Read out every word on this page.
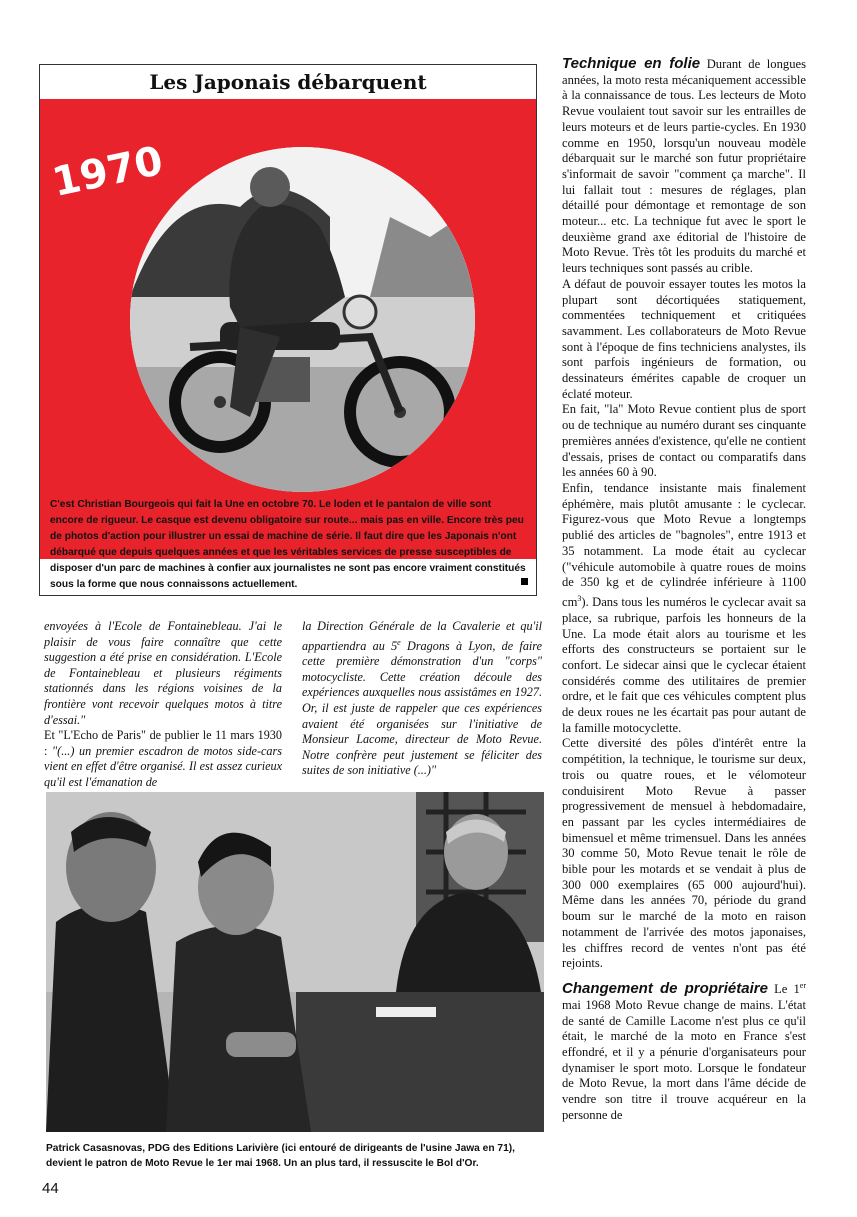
Les Japonais débarquent
1970
C'est Christian Bourgeois qui fait la Une en octobre 70. Le loden et le pantalon de ville sont encore de rigueur. Le casque est devenu obligatoire sur route... mais pas en ville. Encore très peu de photos d'action pour illustrer un essai de machine de série. Il faut dire que les Japonais n'ont débarqué que depuis quelques années et que les véritables services de presse susceptibles de disposer d'un parc de machines à confier aux journalistes ne sont pas encore vraiment constitués sous la forme que nous connaissons actuellement.
envoyées à l'Ecole de Fontainebleau. J'ai le plaisir de vous faire connaître que cette suggestion a été prise en considération. L'Ecole de Fontainebleau et plusieurs régiments stationnés dans les régions voisines de la frontière vont recevoir quelques motos à titre d'essai."
Et "L'Echo de Paris" de publier le 11 mars 1930 : "(...) un premier escadron de motos side-cars vient en effet d'être organisé. Il est assez curieux qu'il est l'émanation de
la Direction Générale de la Cavalerie et qu'il appartiendra au 5e Dragons à Lyon, de faire cette première démonstration d'un "corps" motocycliste. Cette création découle des expériences auxquelles nous assistâmes en 1927. Or, il est juste de rappeler que ces expériences avaient été organisées sur l'initiative de Monsieur Lacome, directeur de Moto Revue. Notre confrère peut justement se féliciter des suites de son initiative (...)"
Patrick Casasnovas, PDG des Editions Larivière (ici entouré de dirigeants de l'usine Jawa en 71), devient le patron de Moto Revue le 1er mai 1968. Un an plus tard, il ressuscite le Bol d'Or.
44

Technique en folie Durant de longues années, la moto resta mécaniquement accessible à la connaissance de tous. Les lecteurs de Moto Revue voulaient tout savoir sur les entrailles de leurs moteurs et de leurs partie-cycles. En 1930 comme en 1950, lorsqu'un nouveau modèle débarquait sur le marché son futur propriétaire s'informait de savoir "comment ça marche". Il lui fallait tout : mesures de réglages, plan détaillé pour démontage et remontage de son moteur... etc. La technique fut avec le sport le deuxième grand axe éditorial de l'histoire de Moto Revue. Très tôt les produits du marché et leurs techniques sont passés au crible.

A défaut de pouvoir essayer toutes les motos la plupart sont décortiquées statiquement, commentées techniquement et critiquées savamment. Les collaborateurs de Moto Revue sont à l'époque de fins techniciens analystes, ils sont parfois ingénieurs de formation, ou dessinateurs émérites capable de croquer un éclaté moteur.

En fait, "la" Moto Revue contient plus de sport ou de technique au numéro durant ses cinquante premières années d'existence, qu'elle ne contient d'essais, prises de contact ou comparatifs dans les années 60 à 90.

Enfin, tendance insistante mais finalement éphémère, mais plutôt amusante : le cyclecar. Figurez-vous que Moto Revue a longtemps publié des articles de "bagnoles", entre 1913 et 35 notamment. La mode était au cyclecar ("véhicule automobile à quatre roues de moins de 350 kg et de cylindrée inférieure à 1100 $cm^3$). Dans tous les numéros le cyclecar avait sa place, sa rubrique, parfois les honneurs de la Une. La mode était alors au tourisme et les efforts des constructeurs se portaient sur le confort. Le sidecar ainsi que le cyclecar étaient considérés comme des utilitaires de premier ordre, et le fait que ces véhicules comptent plus de deux roues ne les écartait pas pour autant de la famille motocyclette.

Cette diversité des pôles d'intérêt entre la compétition, la technique, le tourisme sur deux, trois ou quatre roues, et le vélomoteur conduisirent Moto Revue à passer progressivement de mensuel à hebdomadaire, en passant par les cycles intermédiaires de bimensuel et même trimensuel. Dans les années 30 comme 50, Moto Revue tenait le rôle de bible pour les motards et se vendait à plus de 300 000 exemplaires (65 000 aujourd'hui). Même dans les années 70, période du grand boum sur le marché de la moto en raison notamment de l'arrivée des motos japonaises, les chiffres record de ventes n'ont pas été rejoints.

Changement de propriétaire Le 1er mai 1968 Moto Revue change de mains. L'état de santé de Camille Lacome n'est plus ce qu'il était, le marché de la moto en France s'est effondré, et il y a pénurie d'organisateurs pour dynamiser le sport moto. Lorsque le fondateur de Moto Revue, la mort dans l'âme décide de vendre son titre il trouve acquéreur en la personne de
